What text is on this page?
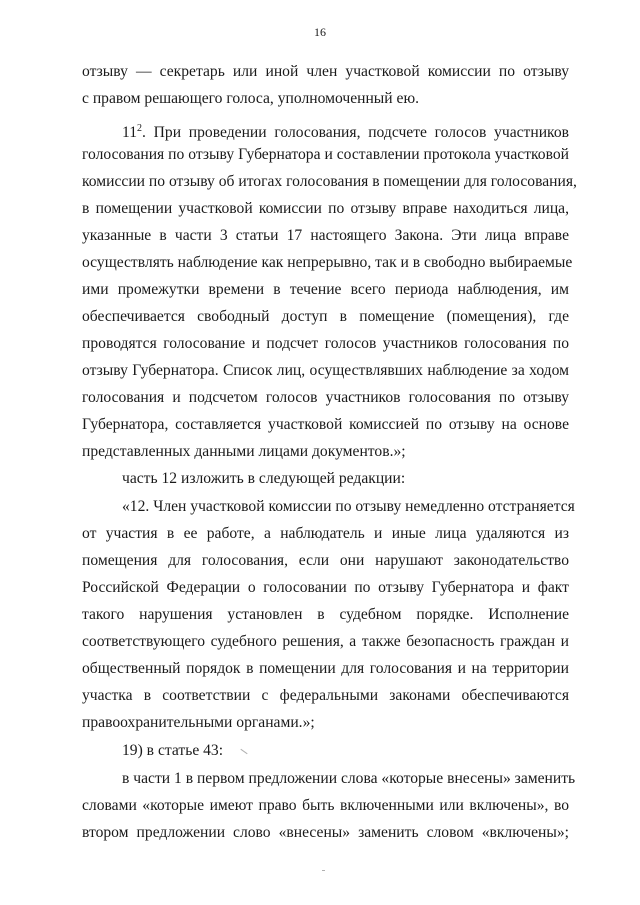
16
отзыву — секретарь или иной член участковой комиссии по отзыву
с правом решающего голоса, уполномоченный ею.
$11^2$. При проведении голосования, подсчете голосов участников
голосования по отзыву Губернатора и составлении протокола участковой
комиссии по отзыву об итогах голосования в помещении для голосования,
в помещении участковой комиссии по отзыву вправе находиться лица,
указанные в части 3 статьи 17 настоящего Закона. Эти лица вправе
осуществлять наблюдение как непрерывно, так и в свободно выбираемые
ими промежутки времени в течение всего периода наблюдения, им
обеспечивается свободный доступ в помещение (помещения), где
проводятся голосование и подсчет голосов участников голосования по
отзыву Губернатора. Список лиц, осуществлявших наблюдение за ходом
голосования и подсчетом голосов участников голосования по отзыву
Губернатора, составляется участковой комиссией по отзыву на основе
представленных данными лицами документов.»;
часть 12 изложить в следующей редакции:
«12. Член участковой комиссии по отзыву немедленно отстраняется
от участия в ее работе, а наблюдатель и иные лица удаляются из
помещения для голосования, если они нарушают законодательство
Российской Федерации о голосовании по отзыву Губернатора и факт
такого нарушения установлен в судебном порядке. Исполнение
соответствующего судебного решения, а также безопасность граждан и
общественный порядок в помещении для голосования и на территории
участка в соответствии с федеральными законами обеспечиваются
правоохранительными органами.»;
19) в статье 43:
в части 1 в первом предложении слова «которые внесены» заменить
словами «которые имеют право быть включенными или включены», во
втором предложении слово «внесены» заменить словом «включены»;
